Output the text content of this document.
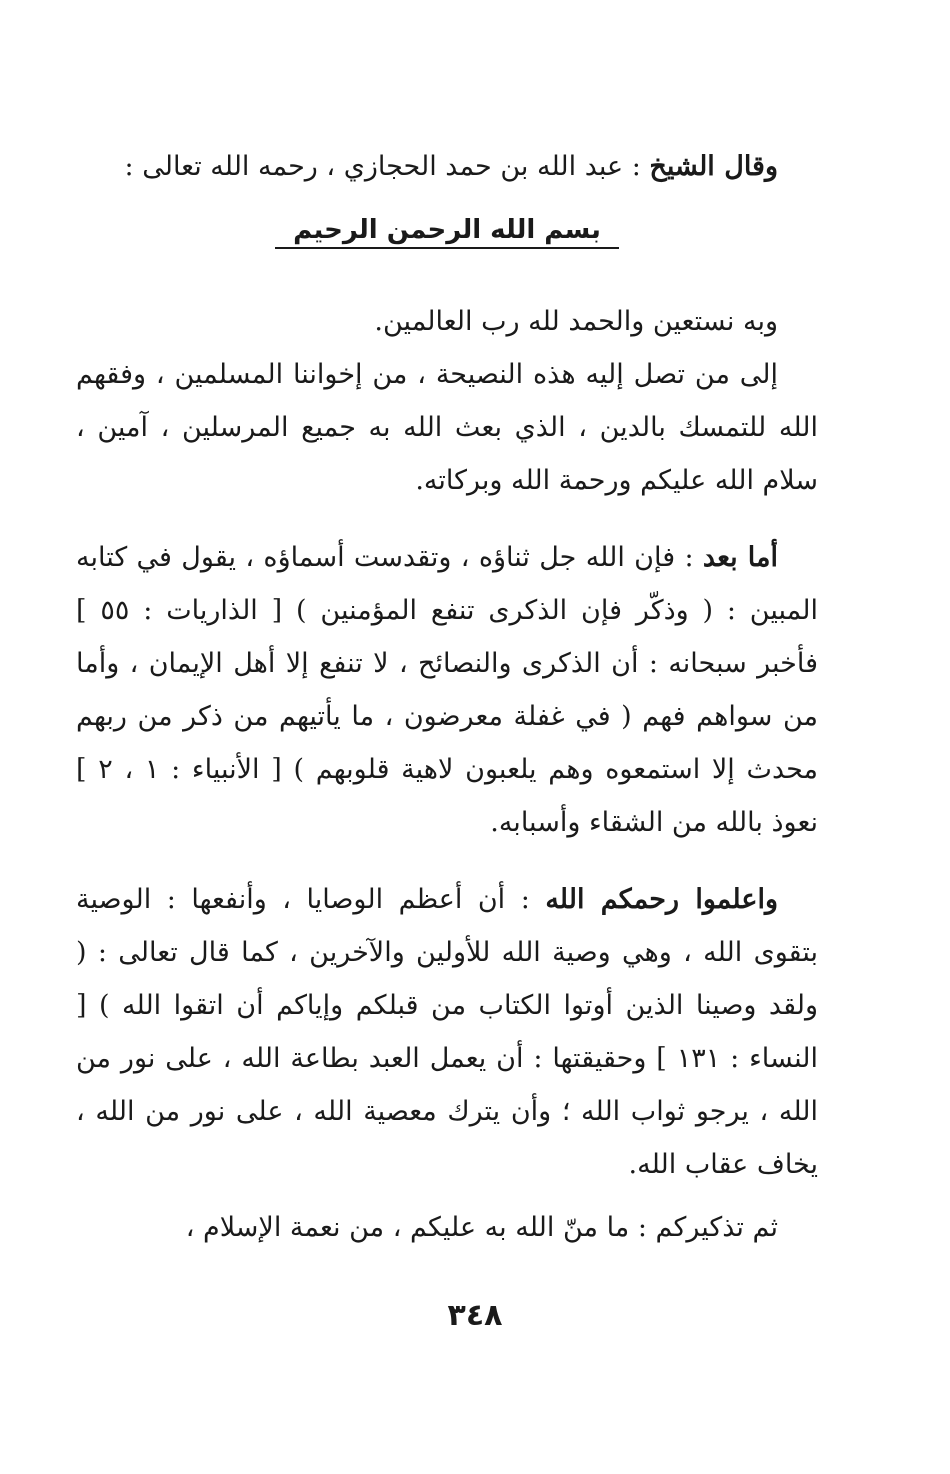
وقال الشيخ : عبد الله بن حمد الحجازي ، رحمه الله تعالى :

بسم الله الرحمن الرحيم

وبه نستعين والحمد لله رب العالمين.

إلى من تصل إليه هذه النصيحة ، من إخواننا المسلمين ، وفقهم الله للتمسك بالدين ، الذي بعث الله به جميع المرسلين ، آمين ، سلام الله عليكم ورحمة الله وبركاته.

أما بعد : فإن الله جل ثناؤه ، وتقدست أسماؤه ، يقول في كتابه المبين : ( وذكّر فإن الذكرى تنفع المؤمنين ) [ الذاريات : ٥٥ ] فأخبر سبحانه : أن الذكرى والنصائح ، لا تنفع إلا أهل الإيمان ، وأما من سواهم فهم ( في غفلة معرضون ، ما يأتيهم من ذكر من ربهم محدث إلا استمعوه وهم يلعبون لاهية قلوبهم ) [ الأنبياء : ١ ، ٢ ] نعوذ بالله من الشقاء وأسبابه.

واعلموا رحمكم الله : أن أعظم الوصايا ، وأنفعها : الوصية بتقوى الله ، وهي وصية الله للأولين والآخرين ، كما قال تعالى : ( ولقد وصينا الذين أوتوا الكتاب من قبلكم وإياكم أن اتقوا الله ) [ النساء : ١٣١ ] وحقيقتها : أن يعمل العبد بطاعة الله ، على نور من الله ، يرجو ثواب الله ؛ وأن يترك معصية الله ، على نور من الله ، يخاف عقاب الله.

ثم تذكيركم : ما منّ الله به عليكم ، من نعمة الإسلام ،

٣٤٨
